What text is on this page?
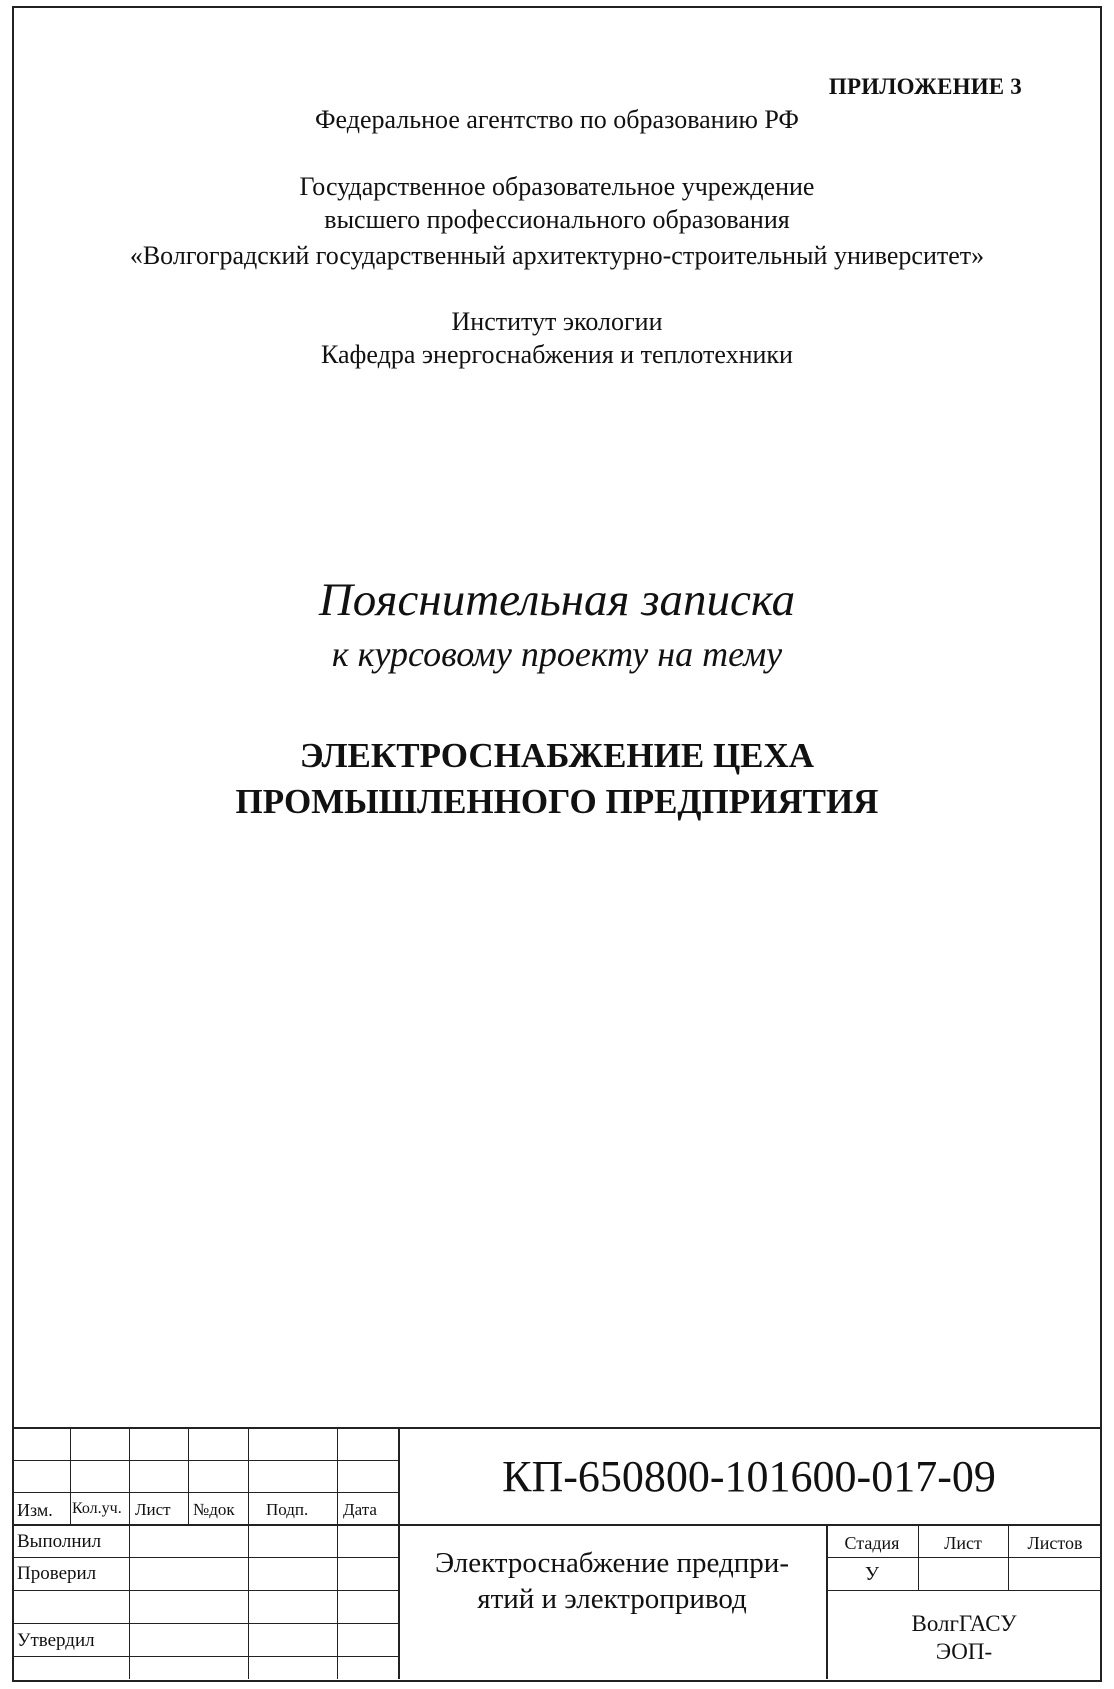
ПРИЛОЖЕНИЕ 3
Федеральное агентство по образованию РФ
Государственное образовательное учреждение
высшего профессионального образования
«Волгоградский государственный архитектурно-строительный университет»
Институт экологии
Кафедра энергоснабжения и теплотехники
Пояснительная записка
к курсовому проекту на тему
ЭЛЕКТРОСНАБЖЕНИЕ ЦЕХА
ПРОМЫШЛЕННОГО ПРЕДПРИЯТИЯ
Изм. Кол.уч. Лист №док Подп. Дата
Выполнил
Проверил
Утвердил
КП-650800-101600-017-09
Электроснабжение предпри-
ятий и электропривод
Стадия	Лист	Листов
У
ВолгГАСУ
ЭОП-
